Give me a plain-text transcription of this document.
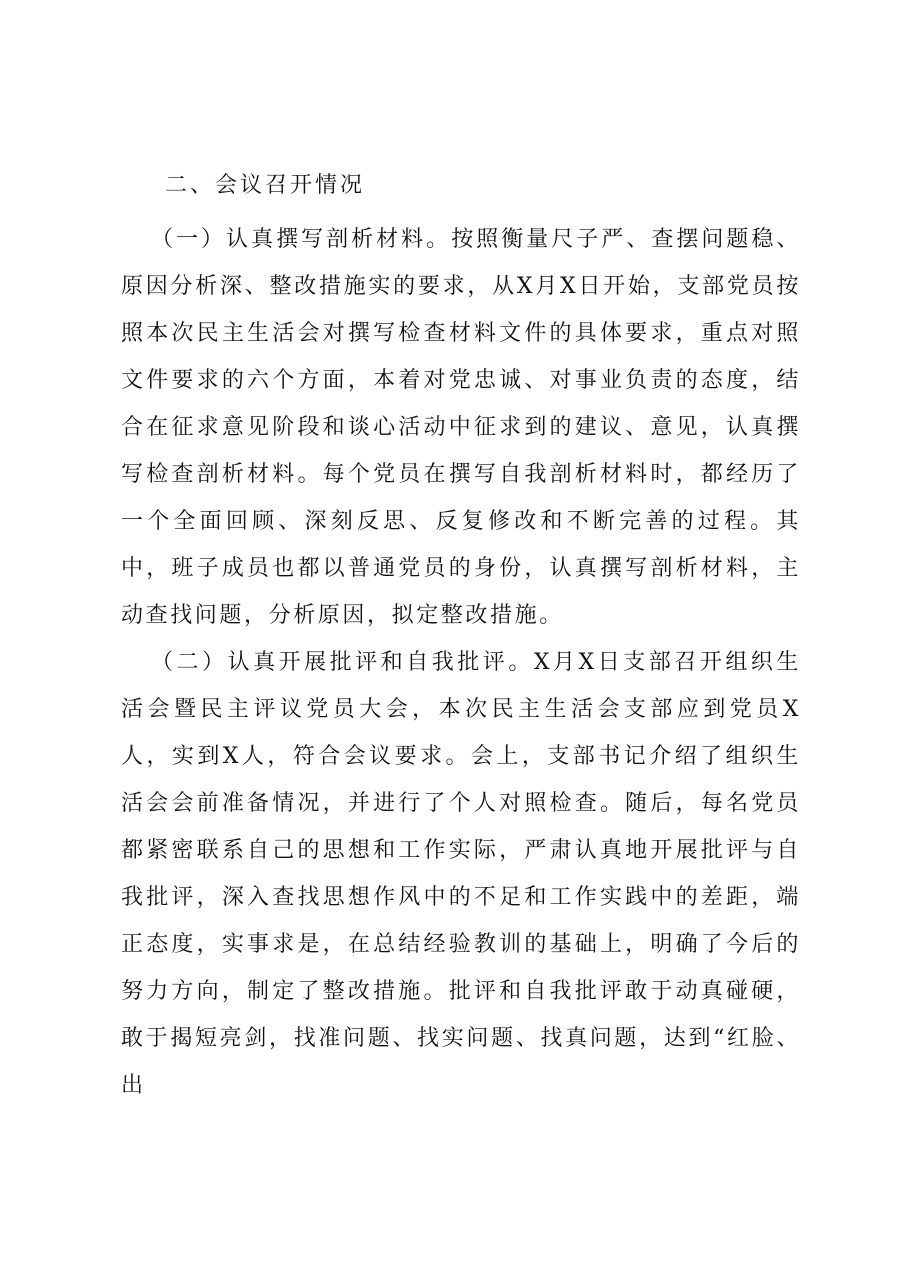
二、会议召开情况

（一）认真撰写剖析材料。按照衡量尺子严、查摆问题稳、原因分析深、整改措施实的要求，从X月X日开始，支部党员按照本次民主生活会对撰写检查材料文件的具体要求，重点对照文件要求的六个方面，本着对党忠诚、对事业负责的态度，结合在征求意见阶段和谈心活动中征求到的建议、意见，认真撰写检查剖析材料。每个党员在撰写自我剖析材料时，都经历了一个全面回顾、深刻反思、反复修改和不断完善的过程。其中，班子成员也都以普通党员的身份，认真撰写剖析材料，主动查找问题，分析原因，拟定整改措施。

（二）认真开展批评和自我批评。X月X日支部召开组织生活会暨民主评议党员大会，本次民主生活会支部应到党员X人，实到X人，符合会议要求。会上，支部书记介绍了组织生活会会前准备情况，并进行了个人对照检查。随后，每名党员都紧密联系自己的思想和工作实际，严肃认真地开展批评与自我批评，深入查找思想作风中的不足和工作实践中的差距，端正态度，实事求是，在总结经验教训的基础上，明确了今后的努力方向，制定了整改措施。批评和自我批评敢于动真碰硬，敢于揭短亮剑，找准问题、找实问题、找真问题，达到“红脸、出
